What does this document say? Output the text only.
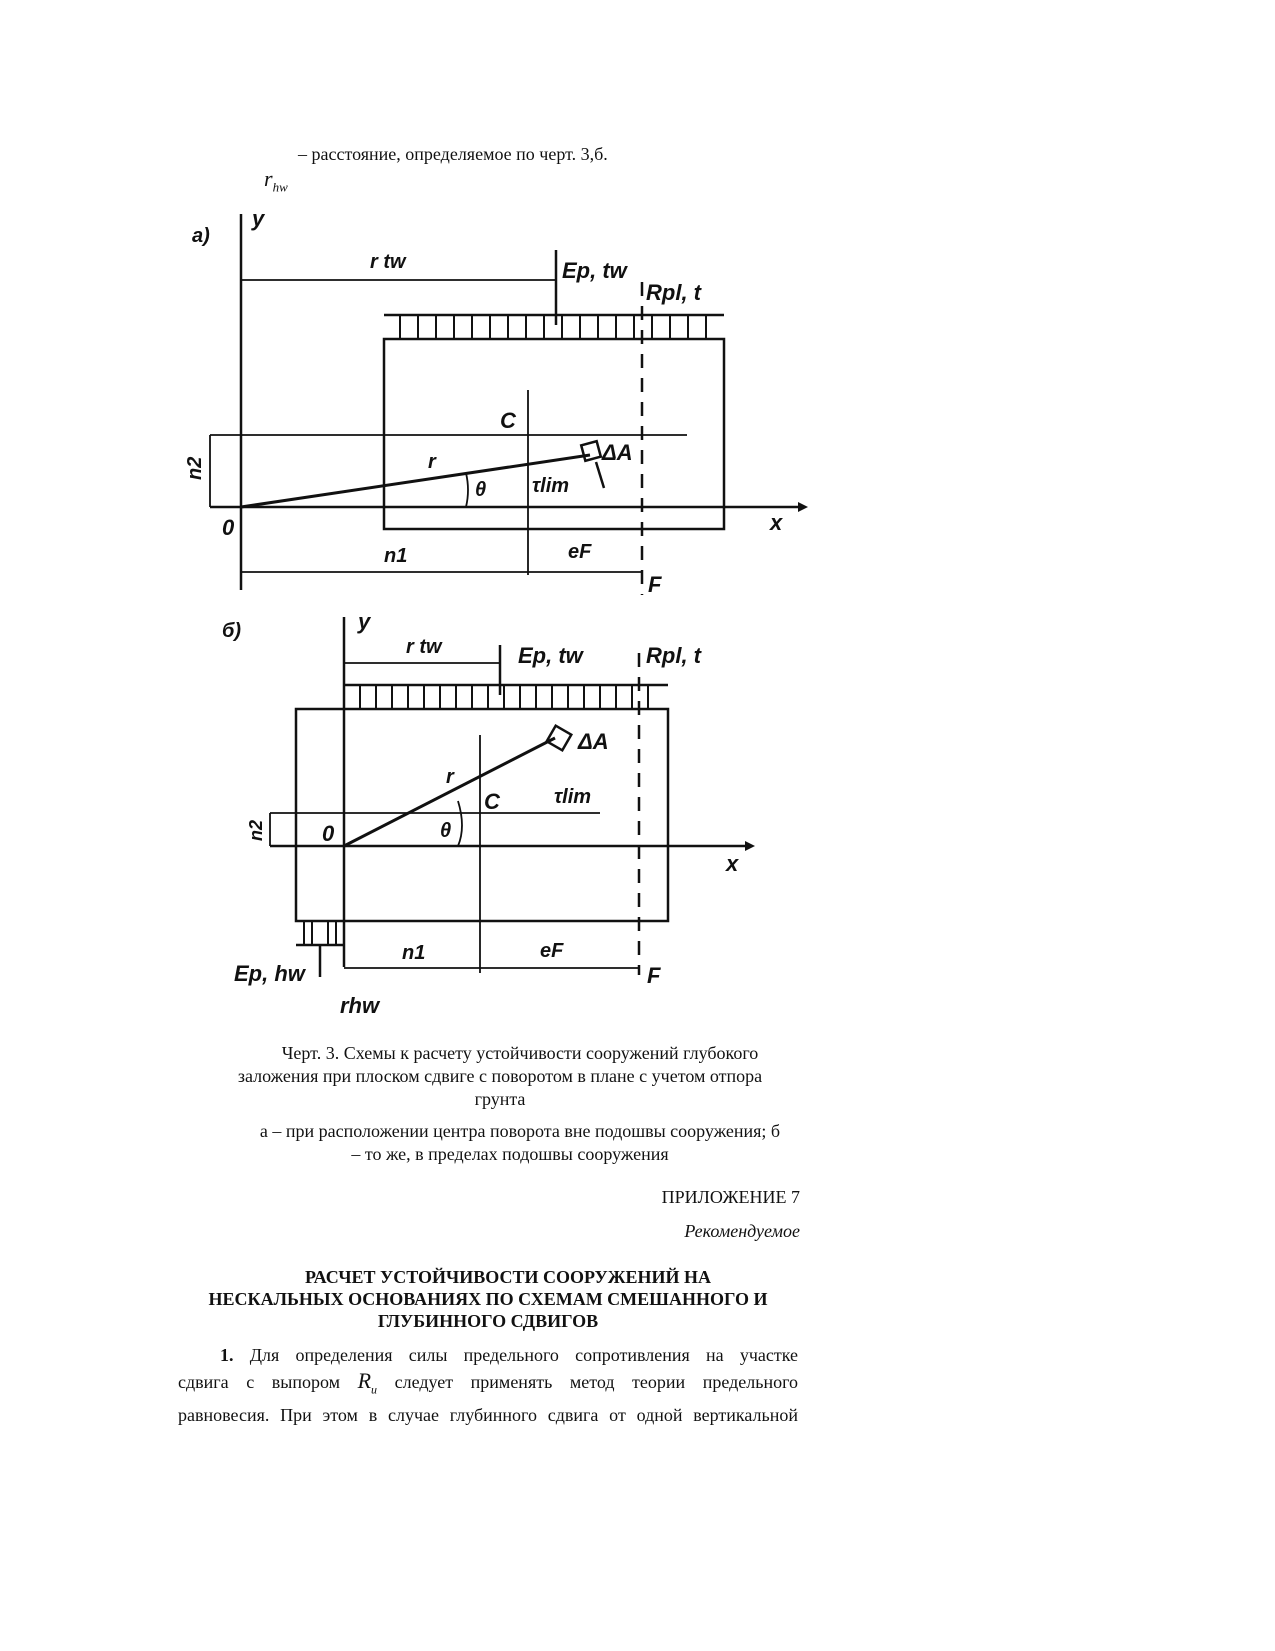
– расстояние, определяемое по черт. 3,б.
$r_{hw}$
а)
y
x
0
r tw	Ep, tw
Rpl, t
C
r	ΔA
θ τlim
n2
n1	eF
F
б)	y
x
0
r tw	Ep, tw	Rpl, t
C
r
ΔA
θ
τlim
n2
n1	eF
F
Ep, hw
rhw
Черт. 3. Схемы к расчету устойчивости сооружений глубокого
заложения при плоском сдвиге с поворотом в плане с учетом отпора
грунта
а – при расположении центра поворота вне подошвы сооружения; б
– то же, в пределах подошвы сооружения
ПРИЛОЖЕНИЕ 7
Рекомендуемое
РАСЧЕТ УСТОЙЧИВОСТИ СООРУЖЕНИЙ НА
НЕСКАЛЬНЫХ ОСНОВАНИЯХ ПО СХЕМАМ СМЕШАННОГО И
ГЛУБИННОГО СДВИГОВ
1. Для определения силы предельного сопротивления на участке
сдвига с выпором $R_u$ следует применять метод теории предельного
равновесия. При этом в случае глубинного сдвига от одной вертикальной
